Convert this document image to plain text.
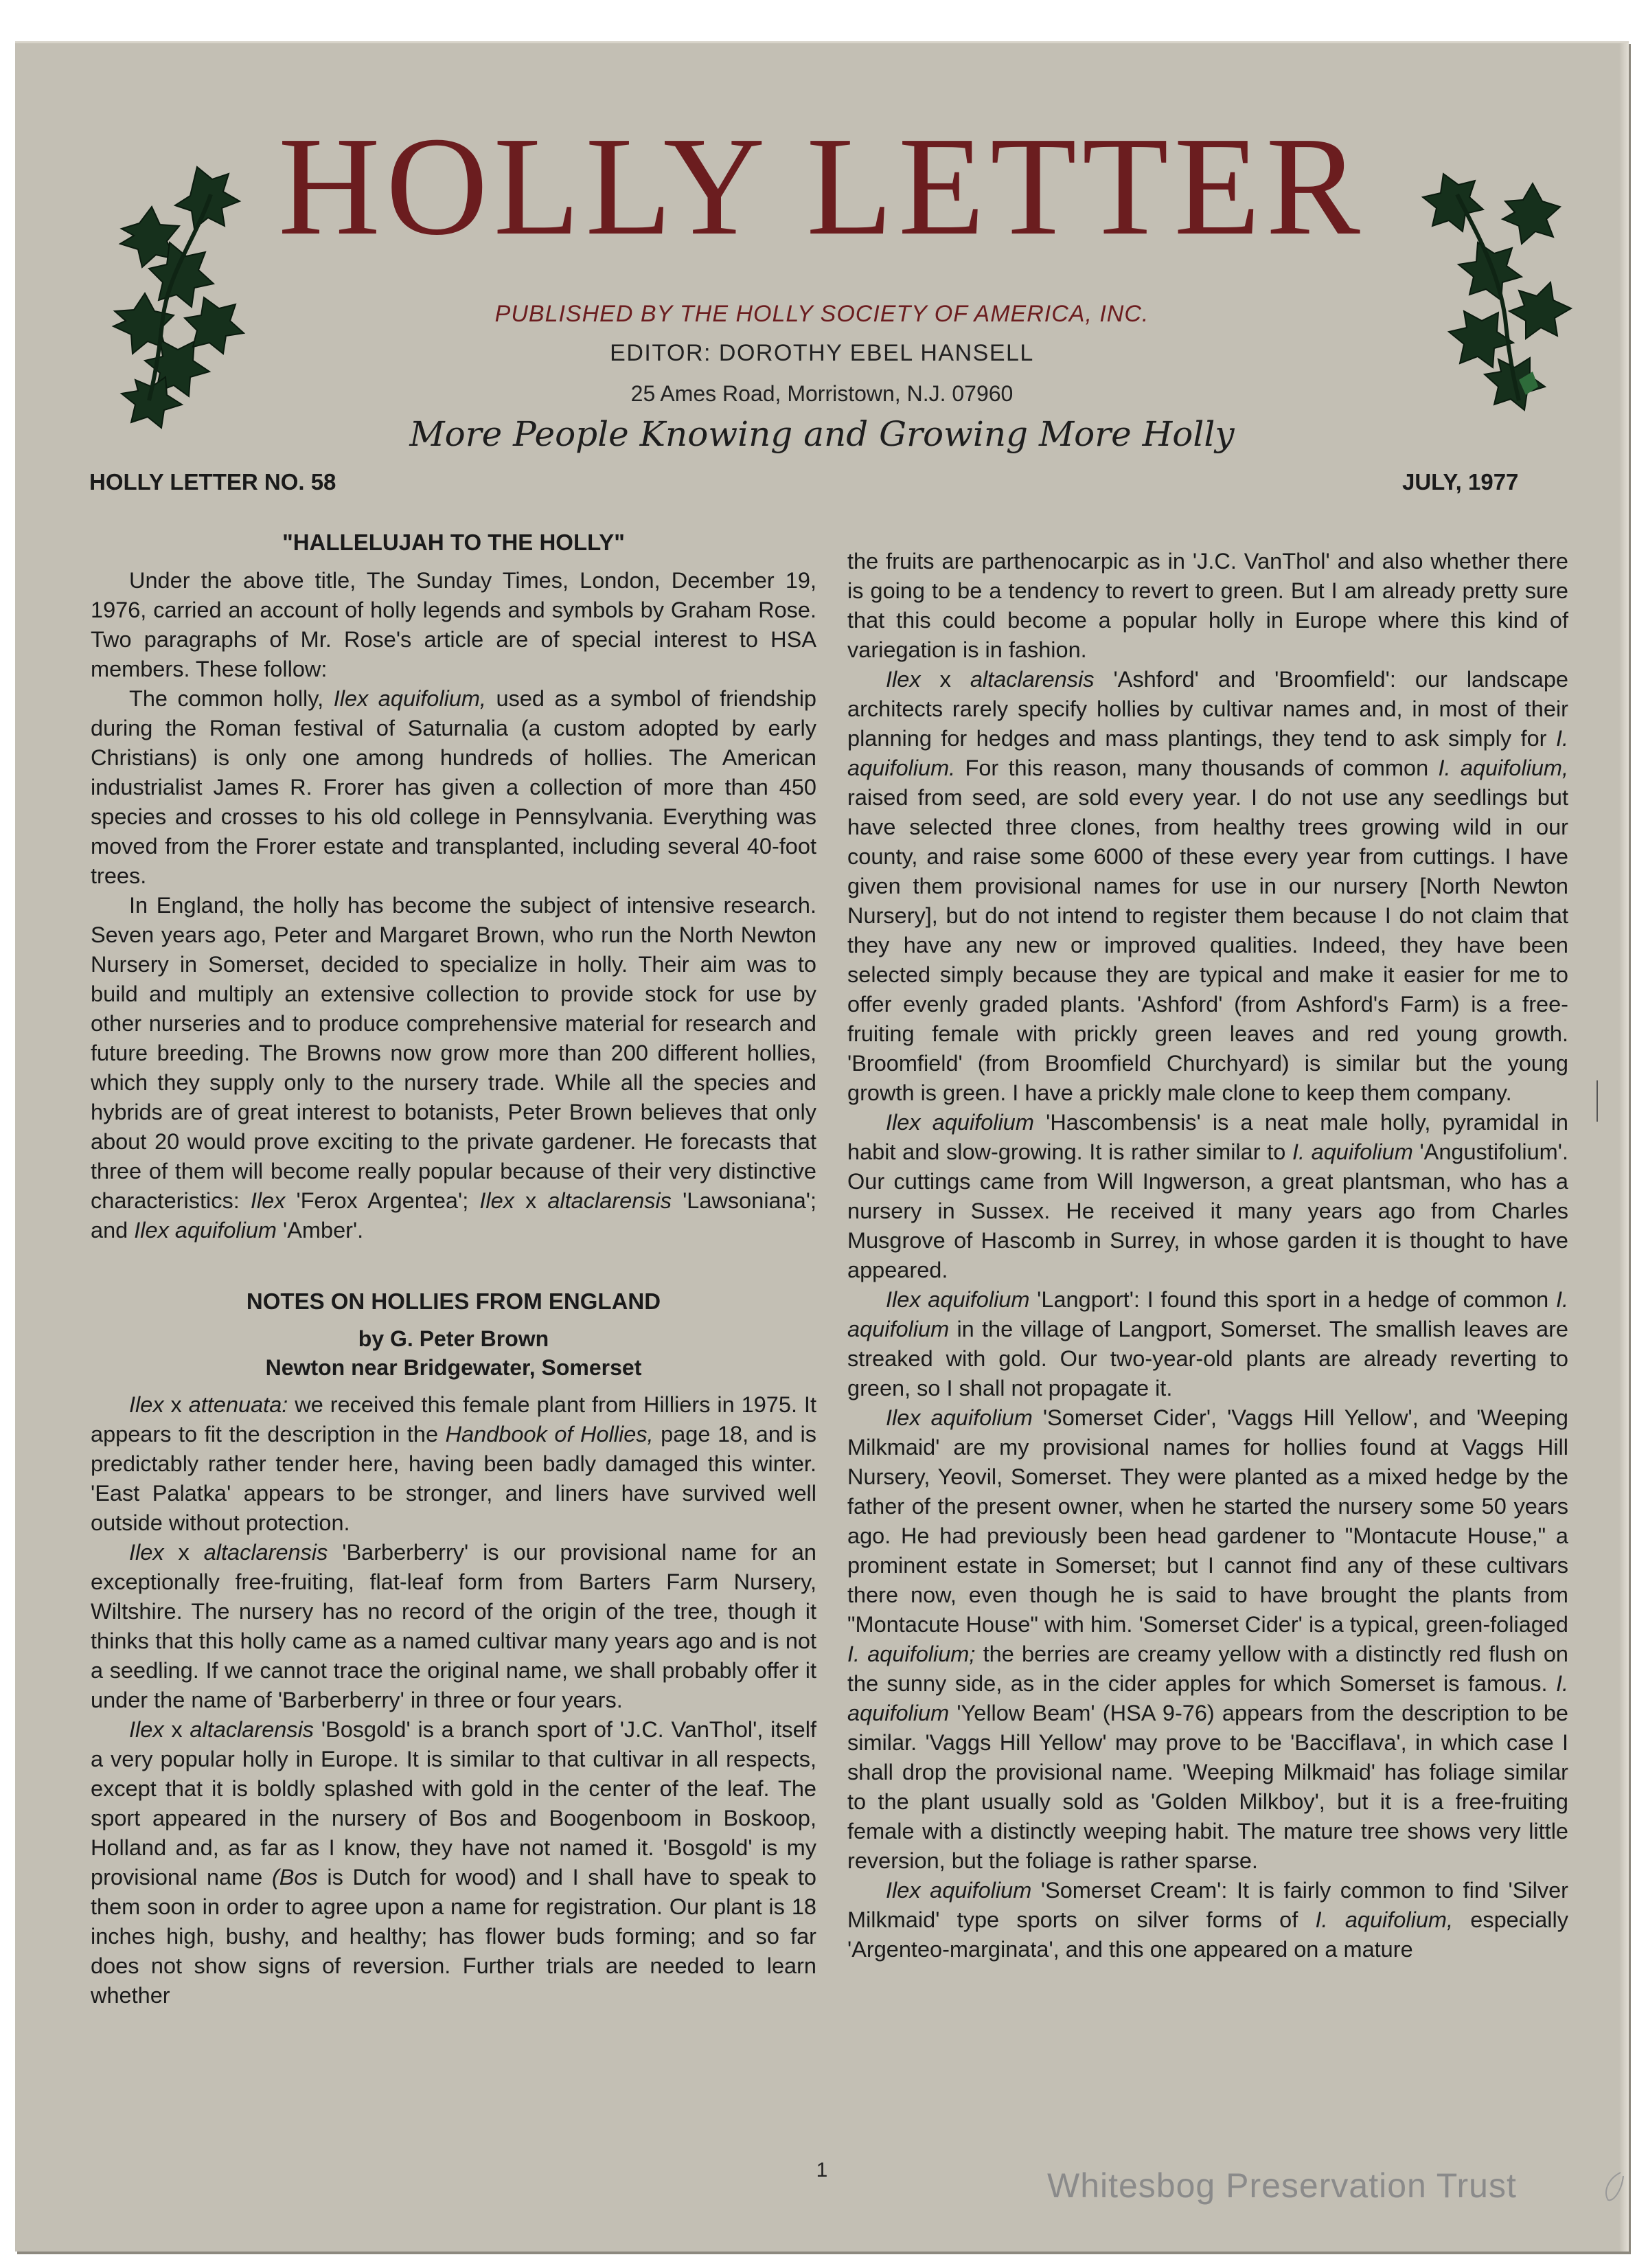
HOLLY LETTER
PUBLISHED BY THE HOLLY SOCIETY OF AMERICA, INC.
EDITOR: DOROTHY EBEL HANSELL
25 Ames Road, Morristown, N.J. 07960
More People Knowing and Growing More Holly
HOLLY LETTER NO. 58	JULY, 1977
"HALLELUJAH TO THE HOLLY"

Under the above title, The Sunday Times, London, December 19, 1976, carried an account of holly legends and symbols by Graham Rose. Two paragraphs of Mr. Rose's article are of special interest to HSA members. These follow:

The common holly, Ilex aquifolium, used as a symbol of friendship during the Roman festival of Saturnalia (a custom adopted by early Christians) is only one among hundreds of hollies. The American industrialist James R. Frorer has given a collection of more than 450 species and crosses to his old college in Pennsylvania. Everything was moved from the Frorer estate and transplanted, including several 40-foot trees.

In England, the holly has become the subject of intensive research. Seven years ago, Peter and Margaret Brown, who run the North Newton Nursery in Somerset, decided to specialize in holly. Their aim was to build and multiply an extensive collection to provide stock for use by other nurseries and to produce comprehensive material for research and future breeding. The Browns now grow more than 200 different hollies, which they supply only to the nursery trade. While all the species and hybrids are of great interest to botanists, Peter Brown believes that only about 20 would prove exciting to the private gardener. He forecasts that three of them will become really popular because of their very distinctive characteristics: Ilex 'Ferox Argentea'; Ilex x altaclarensis 'Lawsoniana'; and Ilex aquifolium 'Amber'.

NOTES ON HOLLIES FROM ENGLAND
by G. Peter Brown
Newton near Bridgewater, Somerset

Ilex x attenuata: we received this female plant from Hilliers in 1975. It appears to fit the description in the Handbook of Hollies, page 18, and is predictably rather tender here, having been badly damaged this winter. 'East Palatka' appears to be stronger, and liners have survived well outside without protection.

Ilex x altaclarensis 'Barberberry' is our provisional name for an exceptionally free-fruiting, flat-leaf form from Barters Farm Nursery, Wiltshire. The nursery has no record of the origin of the tree, though it thinks that this holly came as a named cultivar many years ago and is not a seedling. If we cannot trace the original name, we shall probably offer it under the name of 'Barberberry' in three or four years.

Ilex x altaclarensis 'Bosgold' is a branch sport of 'J.C. VanThol', itself a very popular holly in Europe. It is similar to that cultivar in all respects, except that it is boldly splashed with gold in the center of the leaf. The sport appeared in the nursery of Bos and Boogenboom in Boskoop, Holland and, as far as I know, they have not named it. 'Bosgold' is my provisional name (Bos is Dutch for wood) and I shall have to speak to them soon in order to agree upon a name for registration. Our plant is 18 inches high, bushy, and healthy; has flower buds forming; and so far does not show signs of reversion. Further trials are needed to learn whether

the fruits are parthenocarpic as in 'J.C. VanThol' and also whether there is going to be a tendency to revert to green. But I am already pretty sure that this could become a popular holly in Europe where this kind of variegation is in fashion.

Ilex x altaclarensis 'Ashford' and 'Broomfield': our landscape architects rarely specify hollies by cultivar names and, in most of their planning for hedges and mass plantings, they tend to ask simply for I. aquifolium. For this reason, many thousands of common I. aquifolium, raised from seed, are sold every year. I do not use any seedlings but have selected three clones, from healthy trees growing wild in our county, and raise some 6000 of these every year from cuttings. I have given them provisional names for use in our nursery [North Newton Nursery], but do not intend to register them because I do not claim that they have any new or improved qualities. Indeed, they have been selected simply because they are typical and make it easier for me to offer evenly graded plants. 'Ashford' (from Ashford's Farm) is a free-fruiting female with prickly green leaves and red young growth. 'Broomfield' (from Broomfield Churchyard) is similar but the young growth is green. I have a prickly male clone to keep them company.

Ilex aquifolium 'Hascombensis' is a neat male holly, pyramidal in habit and slow-growing. It is rather similar to I. aquifolium 'Angustifolium'. Our cuttings came from Will Ingwerson, a great plantsman, who has a nursery in Sussex. He received it many years ago from Charles Musgrove of Hascomb in Surrey, in whose garden it is thought to have appeared.

Ilex aquifolium 'Langport': I found this sport in a hedge of common I. aquifolium in the village of Langport, Somerset. The smallish leaves are streaked with gold. Our two-year-old plants are already reverting to green, so I shall not propagate it.

Ilex aquifolium 'Somerset Cider', 'Vaggs Hill Yellow', and 'Weeping Milkmaid' are my provisional names for hollies found at Vaggs Hill Nursery, Yeovil, Somerset. They were planted as a mixed hedge by the father of the present owner, when he started the nursery some 50 years ago. He had previously been head gardener to "Montacute House," a prominent estate in Somerset; but I cannot find any of these cultivars there now, even though he is said to have brought the plants from "Montacute House" with him. 'Somerset Cider' is a typical, green-foliaged I. aquifolium; the berries are creamy yellow with a distinctly red flush on the sunny side, as in the cider apples for which Somerset is famous. I. aquifolium 'Yellow Beam' (HSA 9-76) appears from the description to be similar. 'Vaggs Hill Yellow' may prove to be 'Bacciflava', in which case I shall drop the provisional name. 'Weeping Milkmaid' has foliage similar to the plant usually sold as 'Golden Milkboy', but it is a free-fruiting female with a distinctly weeping habit. The mature tree shows very little reversion, but the foliage is rather sparse.

Ilex aquifolium 'Somerset Cream': It is fairly common to find 'Silver Milkmaid' type sports on silver forms of I. aquifolium, especially 'Argenteo-marginata', and this one appeared on a mature

1	Whitesbog Preservation Trust
